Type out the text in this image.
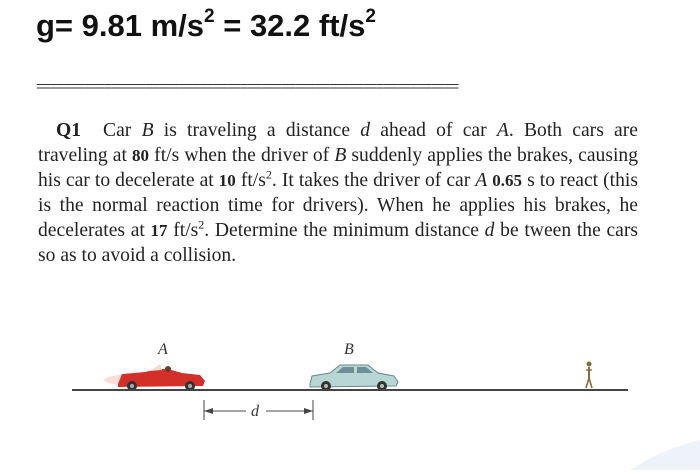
g= 9.81 $m/s^2 = 32.2$ $ft/s^2$
==============================================================
Q1 Car B is traveling a distance d ahead of car A. Both cars are traveling at 80 ft/s when the driver of B suddenly applies the brakes, causing his car to decelerate at 10 $ft/s^2$. It takes the driver of car A 0.65 s to react (this is the normal reaction time for drivers). When he applies his brakes, he decelerates at 17 $ft/s^2$. Determine the minimum distance d be tween the cars so as to avoid a collision.
A	B
d
